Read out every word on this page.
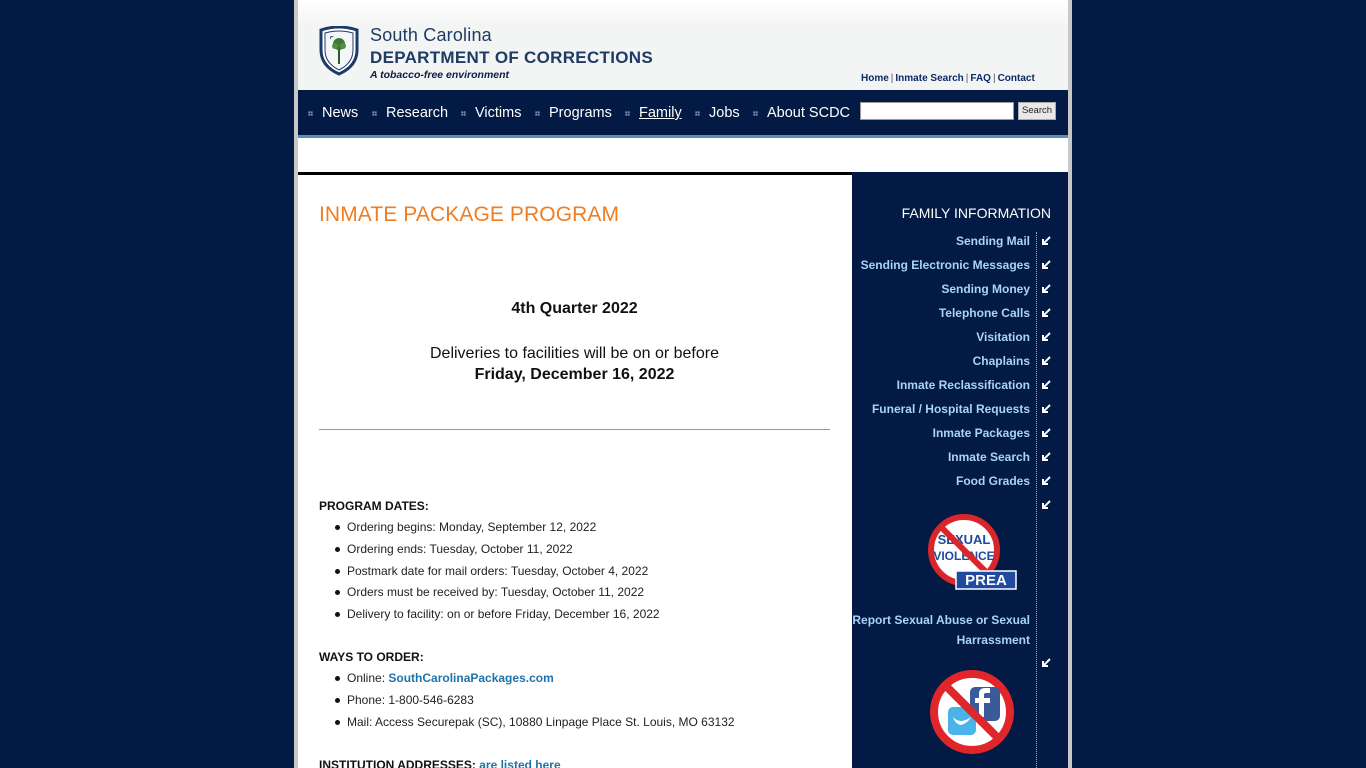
South Carolina
DEPARTMENT OF CORRECTIONS
A tobacco-free environment	Home | Inmate Search | FAQ | Contact
News	Research	Victims	Programs	Family	Jobs	About SCDC	Search
INMATE PACKAGE PROGRAM
4th Quarter 2022
Deliveries to facilities will be on or before
Friday, December 16, 2022
PROGRAM DATES:
Ordering begins: Monday, September 12, 2022
Ordering ends: Tuesday, October 11, 2022
Postmark date for mail orders: Tuesday, October 4, 2022
Orders must be received by: Tuesday, October 11, 2022
Delivery to facility: on or before Friday, December 16, 2022
WAYS TO ORDER:
Online: SouthCarolinaPackages.com
Phone: 1-800-546-6283
Mail: Access Securepak (SC), 10880 Linpage Place St. Louis, MO 63132
INSTITUTION ADDRESSES: are listed here
FAMILY INFORMATION
Sending Mail
Sending Electronic Messages
Sending Money
Telephone Calls
Visitation
Chaplains
Inmate Reclassification
Funeral / Hospital Requests
Inmate Packages
Inmate Search
Food Grades
SEXUAL
VIOLENCE
PREA
Report Sexual Abuse or Sexual Harrassment
